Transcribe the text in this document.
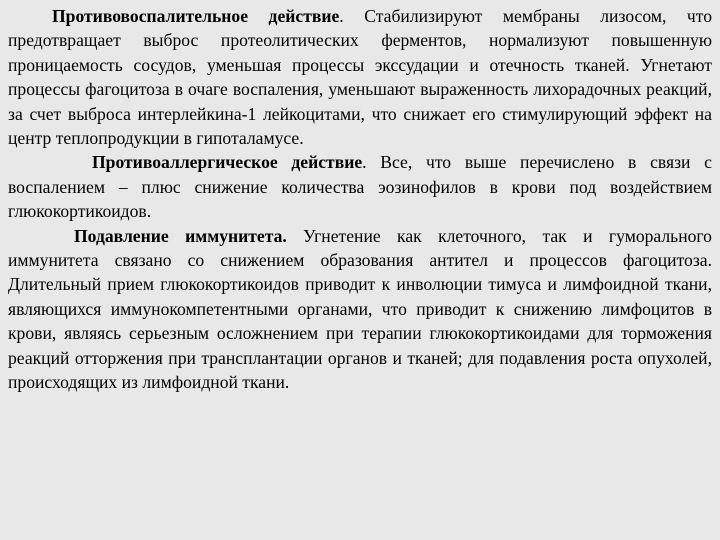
Противовоспалительное действие. Стабилизируют мембраны лизосом, что предотвращает выброс протеолитических ферментов, нормализуют повышенную проницаемость сосудов, уменьшая процессы экссудации и отечность тканей. Угнетают процессы фагоцитоза в очаге воспаления, уменьшают выраженность лихорадочных реакций, за счет выброса интерлейкина-1 лейкоцитами, что снижает его стимулирующий эффект на центр теплопродукции в гипоталамусе.

Противоаллергическое действие. Все, что выше перечислено в связи с воспалением – плюс снижение количества эозинофилов в крови под воздействием глюкокортикоидов.

Подавление иммунитета. Угнетение как клеточного, так и гуморального иммунитета связано со снижением образования антител и процессов фагоцитоза. Длительный прием глюкокортикоидов приводит к инволюции тимуса и лимфоидной ткани, являющихся иммунокомпетентными органами, что приводит к снижению лимфоцитов в крови, являясь серьезным осложнением при терапии глюкокортикоидами для торможения реакций отторжения при трансплантации органов и тканей; для подавления роста опухолей, происходящих из лимфоидной ткани.
